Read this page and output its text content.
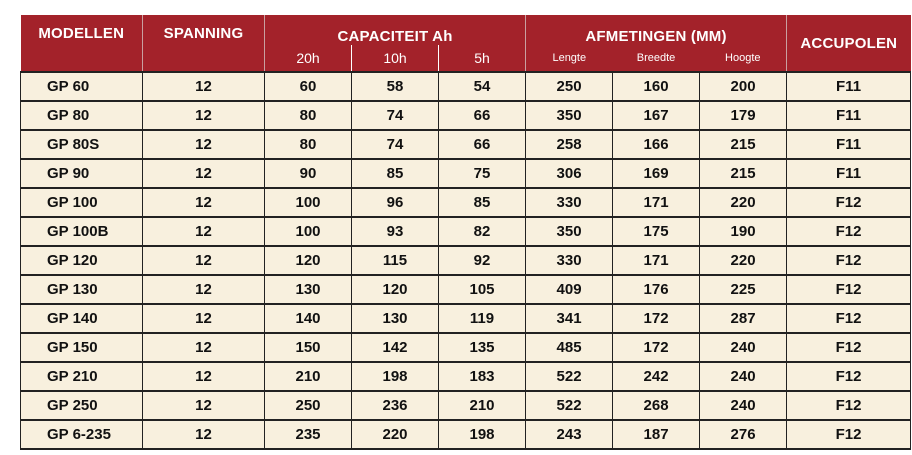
MODELLEN	SPANNING	CAPACITEIT Ah			AFMETINGEN (MM)			ACCUPOLEN
		20h	10h	5h	Lengte	Breedte	Hoogte	
GP 60	12	60	58	54	250	160	200	F11
GP 80	12	80	74	66	350	167	179	F11
GP 80S	12	80	74	66	258	166	215	F11
GP 90	12	90	85	75	306	169	215	F11
GP 100	12	100	96	85	330	171	220	F12
GP 100B	12	100	93	82	350	175	190	F12
GP 120	12	120	115	92	330	171	220	F12
GP 130	12	130	120	105	409	176	225	F12
GP 140	12	140	130	119	341	172	287	F12
GP 150	12	150	142	135	485	172	240	F12
GP 210	12	210	198	183	522	242	240	F12
GP 250	12	250	236	210	522	268	240	F12
GP 6-235	12	235	220	198	243	187	276	F12
